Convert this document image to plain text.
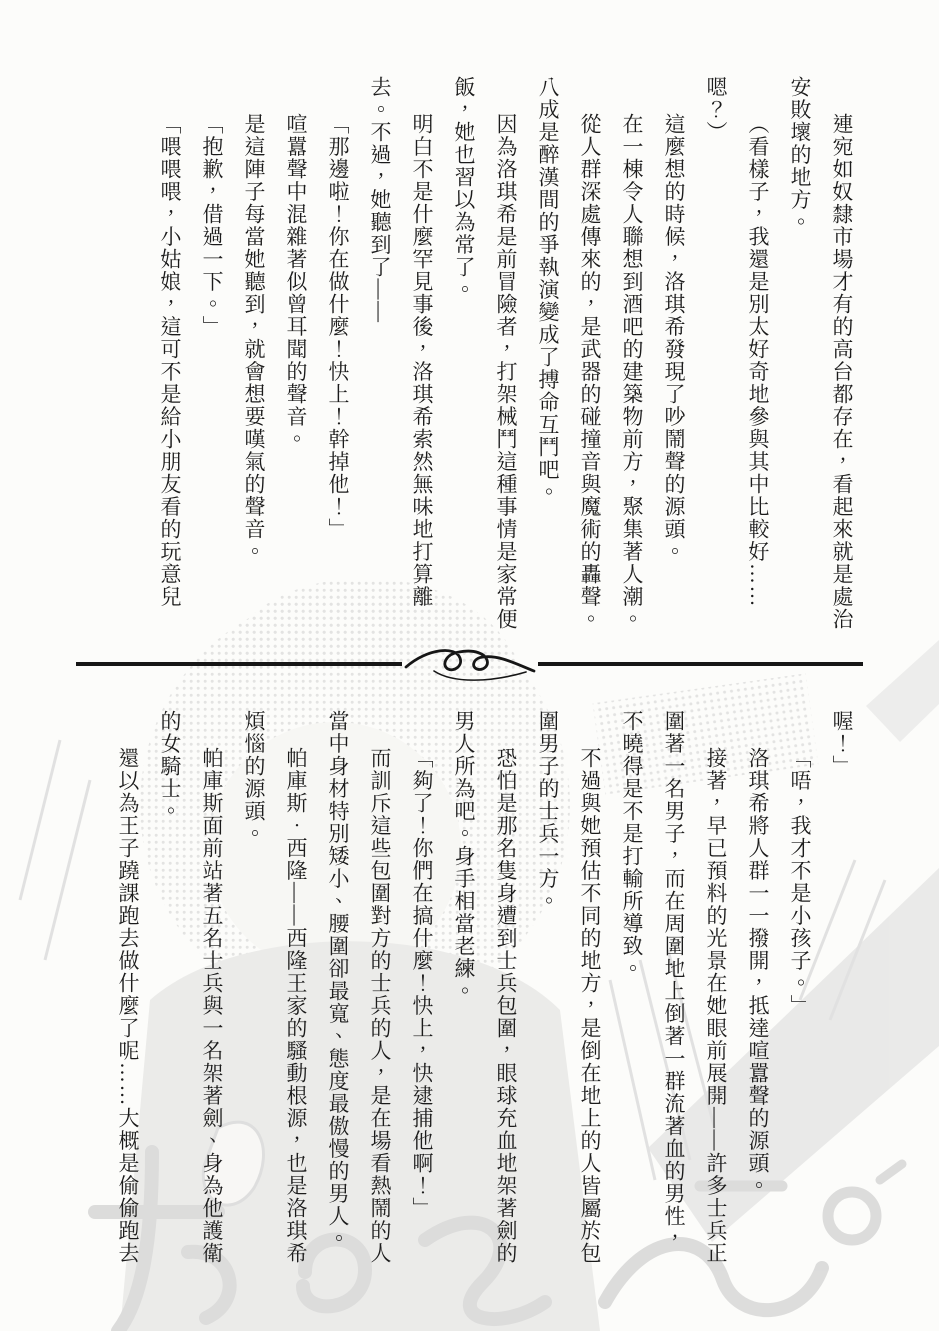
連宛如奴隸市場才有的高台都存在，看起來就是處治安敗壞的地方。

（看樣子，我還是別太好奇地參與其中比較好……嗯？）

這麼想的時候，洛琪希發現了吵鬧聲的源頭。

在一棟令人聯想到酒吧的建築物前方，聚集著人潮。

從人群深處傳來的，是武器的碰撞音與魔術的轟聲。

八成是醉漢間的爭執演變成了搏命互鬥吧。

因為洛琪希是前冒險者，打架械鬥這種事情是家常便飯，她也習以為常了。

明白不是什麼罕見事後，洛琪希索然無味地打算離去。不過，她聽到了——

「那邊啦！你在做什麼！快上！幹掉他！」

喧囂聲中混雜著似曾耳聞的聲音。

是這陣子每當她聽到，就會想要嘆氣的聲音。

「抱歉，借過一下。」

「喂喂喂，小姑娘，這可不是給小朋友看的玩意兒

喔！」

「唔，我才不是小孩子。」

洛琪希將人群一一撥開，抵達喧囂聲的源頭。

接著，早已預料的光景在她眼前展開——許多士兵正圍著一名男子，而在周圍地上倒著一群流著血的男性，不曉得是不是打輸所導致。

不過與她預估不同的地方，是倒在地上的人皆屬於包圍男子的士兵一方。

恐怕是那名隻身遭到士兵包圍，眼球充血地架著劍的男人所為吧。身手相當老練。

「夠了！你們在搞什麼！快上，快逮捕他啊！」

而訓斥這些包圍對方的士兵的人，是在場看熱鬧的人當中身材特別矮小、腰圍卻最寬、態度最傲慢的男人。

帕庫斯．西隆——西隆王家的騷動根源，也是洛琪希煩惱的源頭。

帕庫斯面前站著五名士兵與一名架著劍、身為他護衛的女騎士。

還以為王子蹺課跑去做什麼了呢……大概是偷偷跑去
